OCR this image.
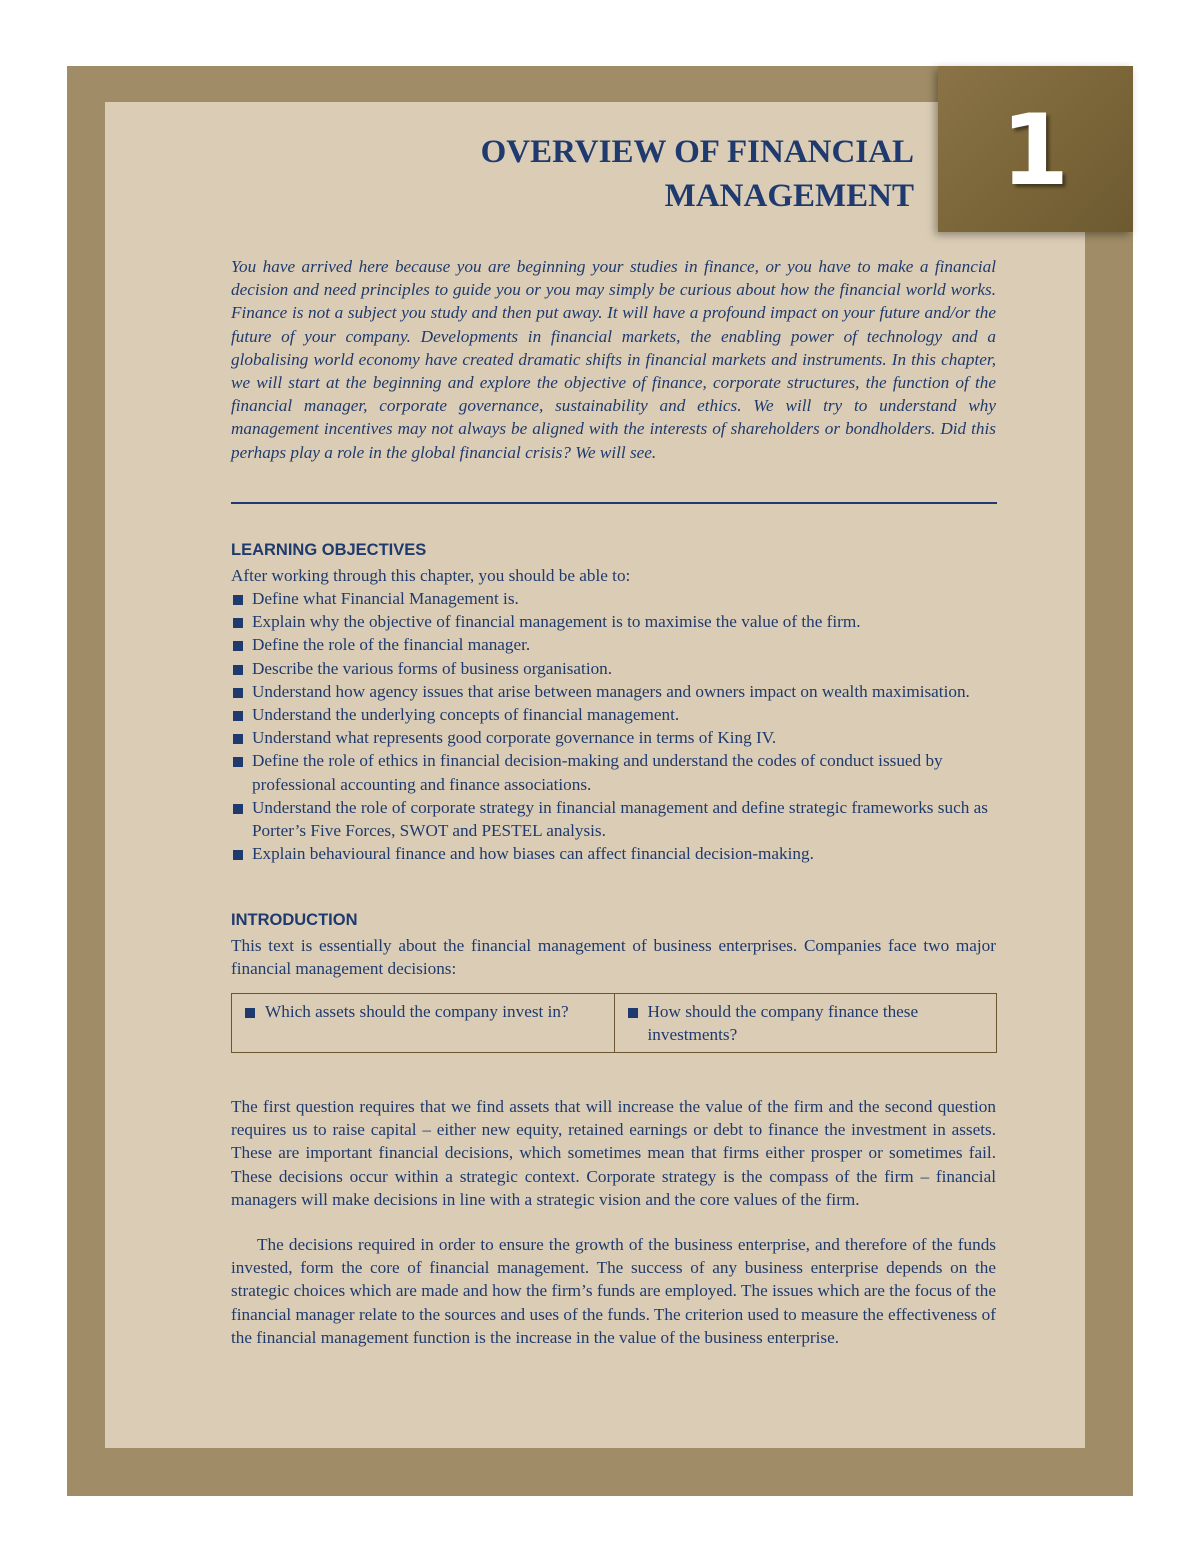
1
OVERVIEW OF FINANCIAL
MANAGEMENT

You have arrived here because you are beginning your studies in finance, or you have to make a financial decision and need principles to guide you or you may simply be curious about how the financial world works. Finance is not a subject you study and then put away. It will have a profound impact on your future and/or the future of your company. Developments in financial markets, the enabling power of technology and a globalising world economy have created dramatic shifts in financial markets and instruments. In this chapter, we will start at the beginning and explore the objective of finance, corporate structures, the function of the financial manager, corporate governance, sustainability and ethics. We will try to understand why management incentives may not always be aligned with the interests of shareholders or bondholders. Did this perhaps play a role in the global financial crisis? We will see.

LEARNING OBJECTIVES

After working through this chapter, you should be able to:

Define what Financial Management is.
Explain why the objective of financial management is to maximise the value of the firm.
Define the role of the financial manager.
Describe the various forms of business organisation.
Understand how agency issues that arise between managers and owners impact on wealth maximisation.
Understand the underlying concepts of financial management.
Understand what represents good corporate governance in terms of King IV.
Define the role of ethics in financial decision-making and understand the codes of conduct issued by professional accounting and finance associations.
Understand the role of corporate strategy in financial management and define strategic frameworks such as Porter’s Five Forces, SWOT and PESTEL analysis.
Explain behavioural finance and how biases can affect financial decision-making.
INTRODUCTION

This text is essentially about the financial management of business enterprises. Companies face two major financial management decisions:

Which assets should the company invest in?	How should the company finance these investments?

The first question requires that we find assets that will increase the value of the firm and the second question requires us to raise capital – either new equity, retained earnings or debt to finance the investment in assets. These are important financial decisions, which sometimes mean that firms either prosper or sometimes fail. These decisions occur within a strategic context. Corporate strategy is the compass of the firm – financial managers will make decisions in line with a strategic vision and the core values of the firm.

The decisions required in order to ensure the growth of the business enterprise, and therefore of the funds invested, form the core of financial management. The success of any business enterprise depends on the strategic choices which are made and how the firm’s funds are employed. The issues which are the focus of the financial manager relate to the sources and uses of the funds. The criterion used to measure the effectiveness of the financial management function is the increase in the value of the business enterprise.
